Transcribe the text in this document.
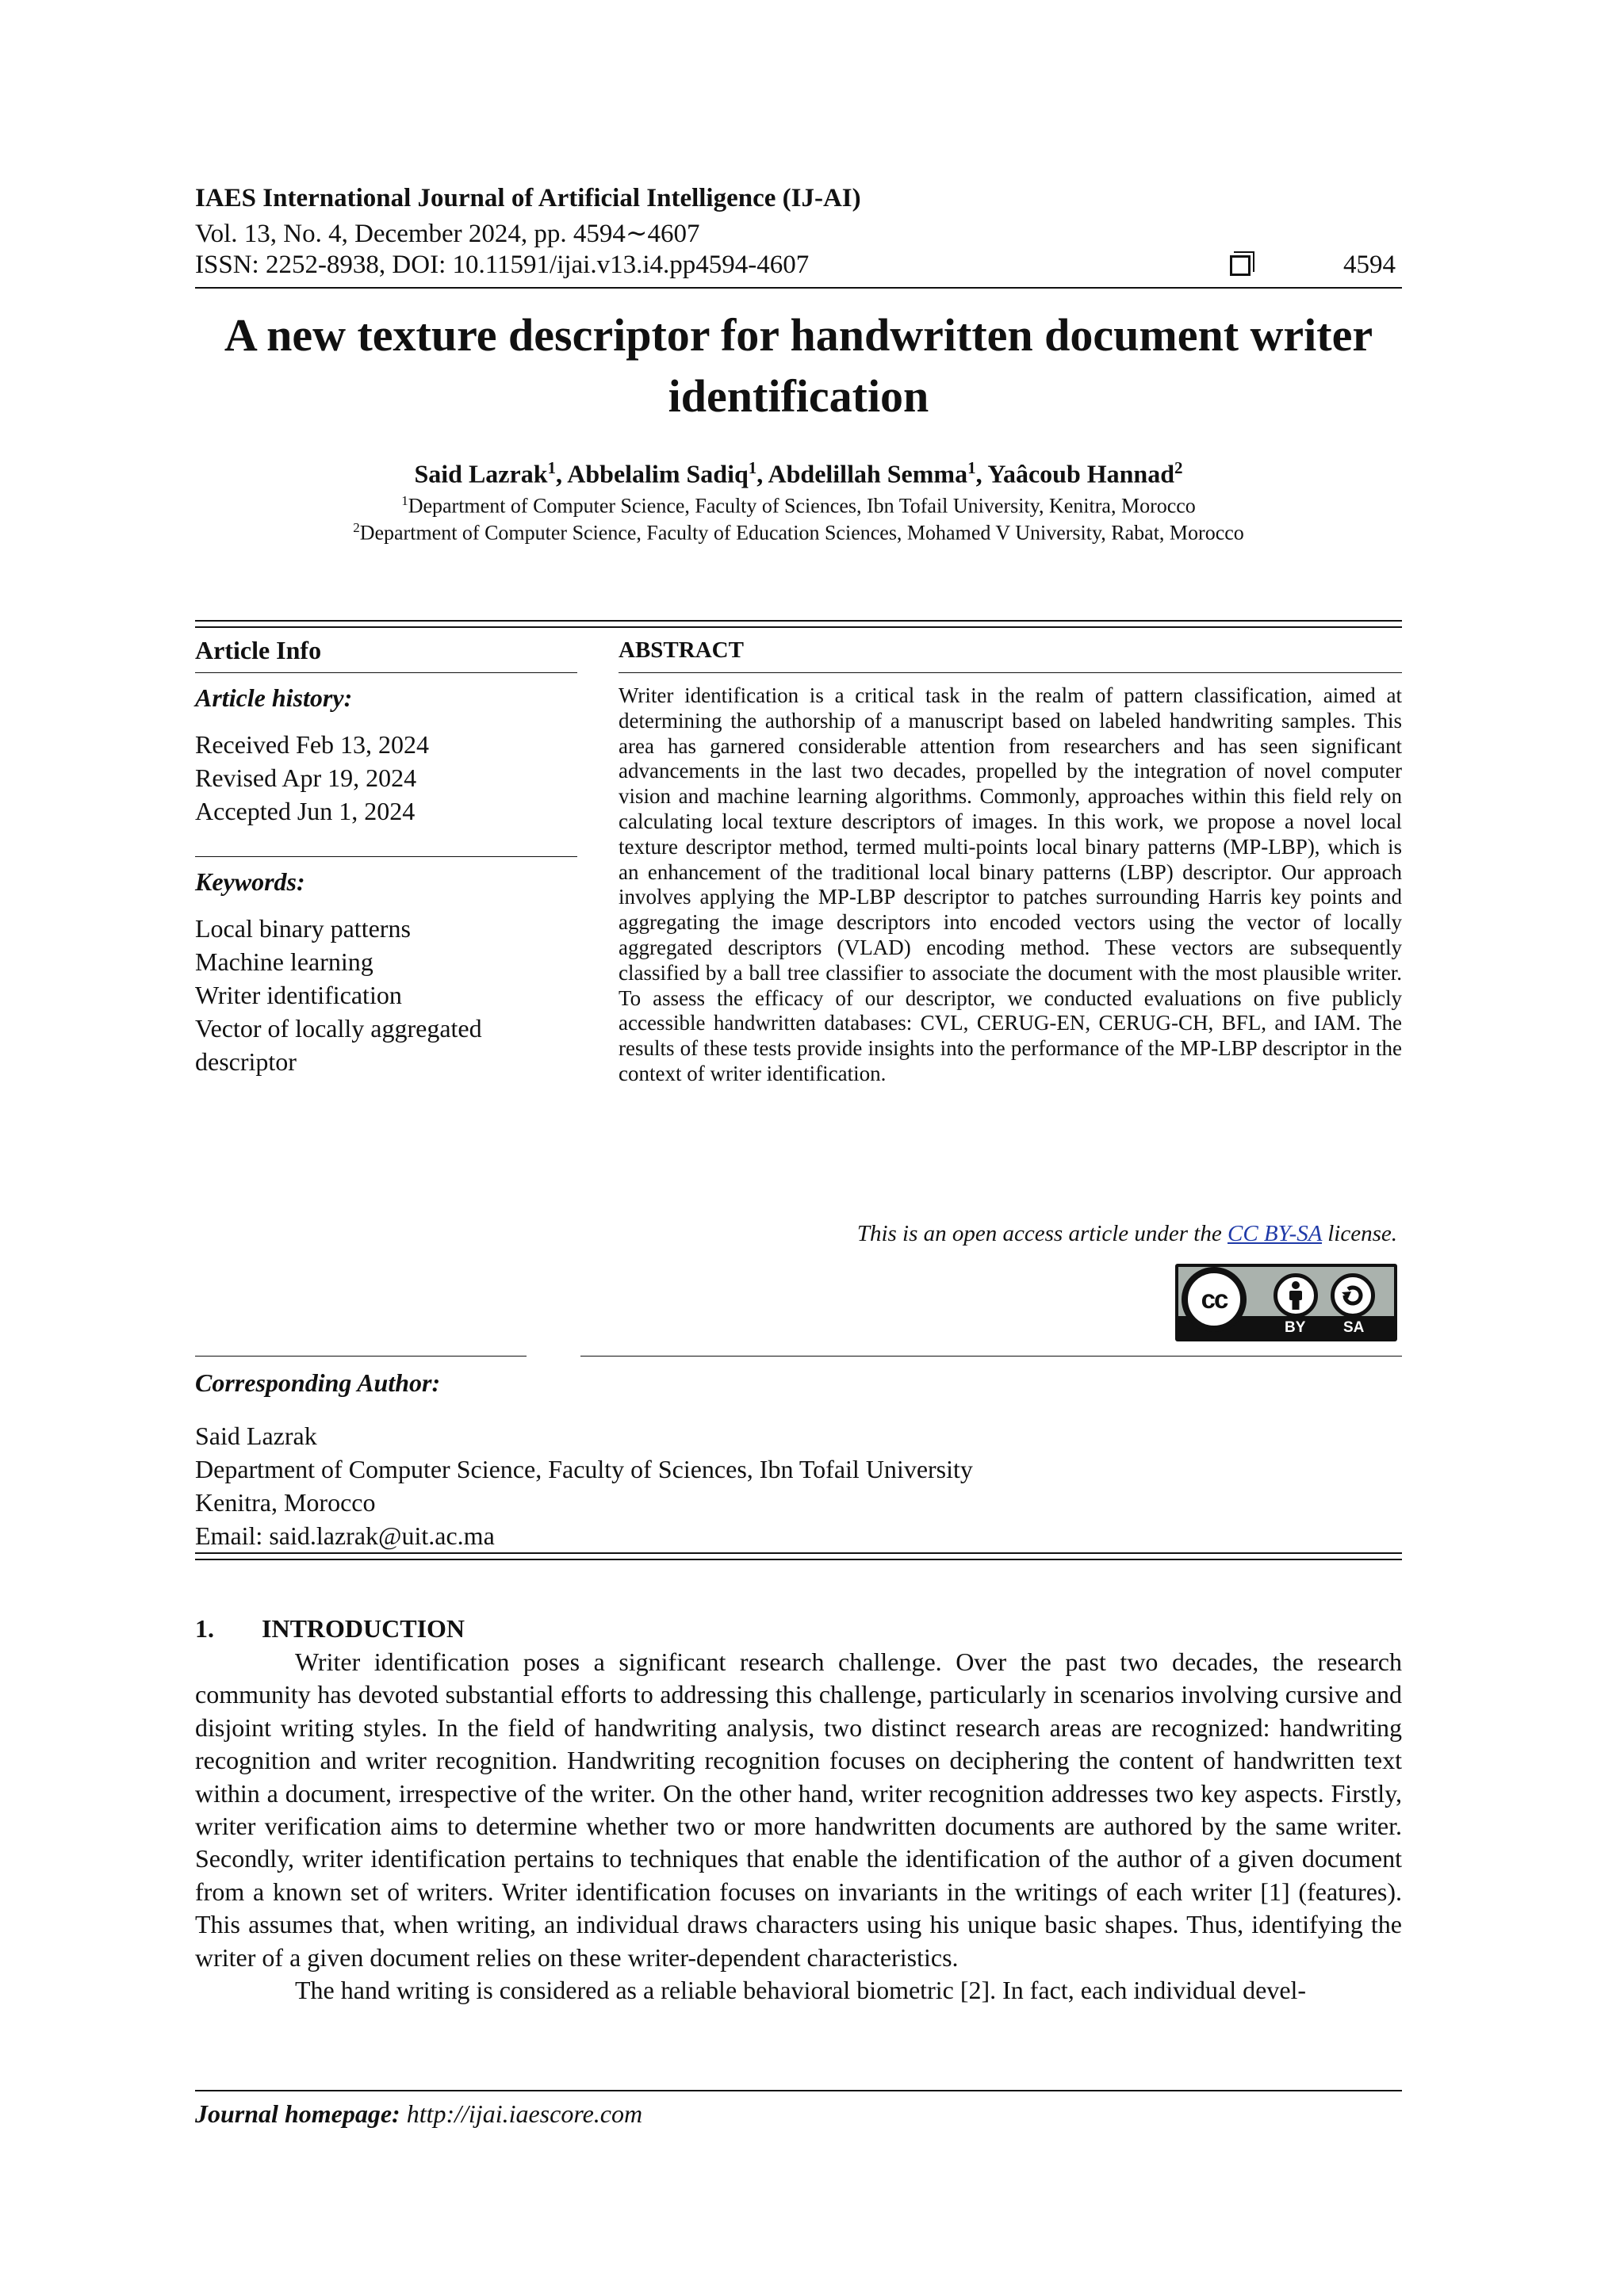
IAES International Journal of Artificial Intelligence (IJ-AI)
Vol. 13, No. 4, December 2024, pp. 4594∼4607
ISSN: 2252-8938, DOI: 10.11591/ijai.v13.i4.pp4594-4607	4594
A new texture descriptor for handwritten document writer
identification
Said Lazrak$^1$, Abbelalim Sadiq$^1$, Abdelillah Semma$^1$, Yaâcoub Hannad$^2$
$^1$Department of Computer Science, Faculty of Sciences, Ibn Tofail University, Kenitra, Morocco
$^2$Department of Computer Science, Faculty of Education Sciences, Mohamed V University, Rabat, Morocco
Article Info
Article history:
Received Feb 13, 2024
Revised Apr 19, 2024
Accepted Jun 1, 2024
Keywords:
Local binary patterns
Machine learning
Writer identification
Vector of locally aggregated
descriptor
ABSTRACT
Writer identification is a critical task in the realm of pattern classification, aimed at determining the authorship of a manuscript based on labeled handwriting samples. This area has garnered considerable attention from researchers and has seen significant advancements in the last two decades, propelled by the integration of novel computer vision and machine learning algorithms. Commonly, approaches within this field rely on calculating local texture descriptors of images. In this work, we propose a novel local texture descriptor method, termed multi-points local binary patterns (MP-LBP), which is an enhancement of the traditional local binary patterns (LBP) descriptor. Our approach involves applying the MP-LBP descriptor to patches surrounding Harris key points and aggregating the image descriptors into encoded vectors using the vector of locally aggregated descriptors (VLAD) encoding method. These vectors are subsequently classified by a ball tree classifier to associate the document with the most plausible writer. To assess the efficacy of our descriptor, we conducted evaluations on five publicly accessible handwritten databases: CVL, CERUG-EN, CERUG-CH, BFL, and IAM. The results of these tests provide insights into the performance of the MP-LBP descriptor in the context of writer identification.
This is an open access article under the CC BY-SA license.
cc
BY	SA
Corresponding Author:
Said Lazrak
Department of Computer Science, Faculty of Sciences, Ibn Tofail University
Kenitra, Morocco
Email: said.lazrak@uit.ac.ma
1. INTRODUCTION

Writer identification poses a significant research challenge. Over the past two decades, the research community has devoted substantial efforts to addressing this challenge, particularly in scenarios involving cursive and disjoint writing styles. In the field of handwriting analysis, two distinct research areas are recognized: handwriting recognition and writer recognition. Handwriting recognition focuses on deciphering the content of handwritten text within a document, irrespective of the writer. On the other hand, writer recognition addresses two key aspects. Firstly, writer verification aims to determine whether two or more handwritten documents are authored by the same writer. Secondly, writer identification pertains to techniques that enable the identification of the author of a given document from a known set of writers. Writer identification focuses on invariants in the writings of each writer [1] (features). This assumes that, when writing, an individual draws characters using his unique basic shapes. Thus, identifying the writer of a given document relies on these writer-dependent characteristics.

The hand writing is considered as a reliable behavioral biometric [2]. In fact, each individual devel-

Journal homepage: http://ijai.iaescore.com
